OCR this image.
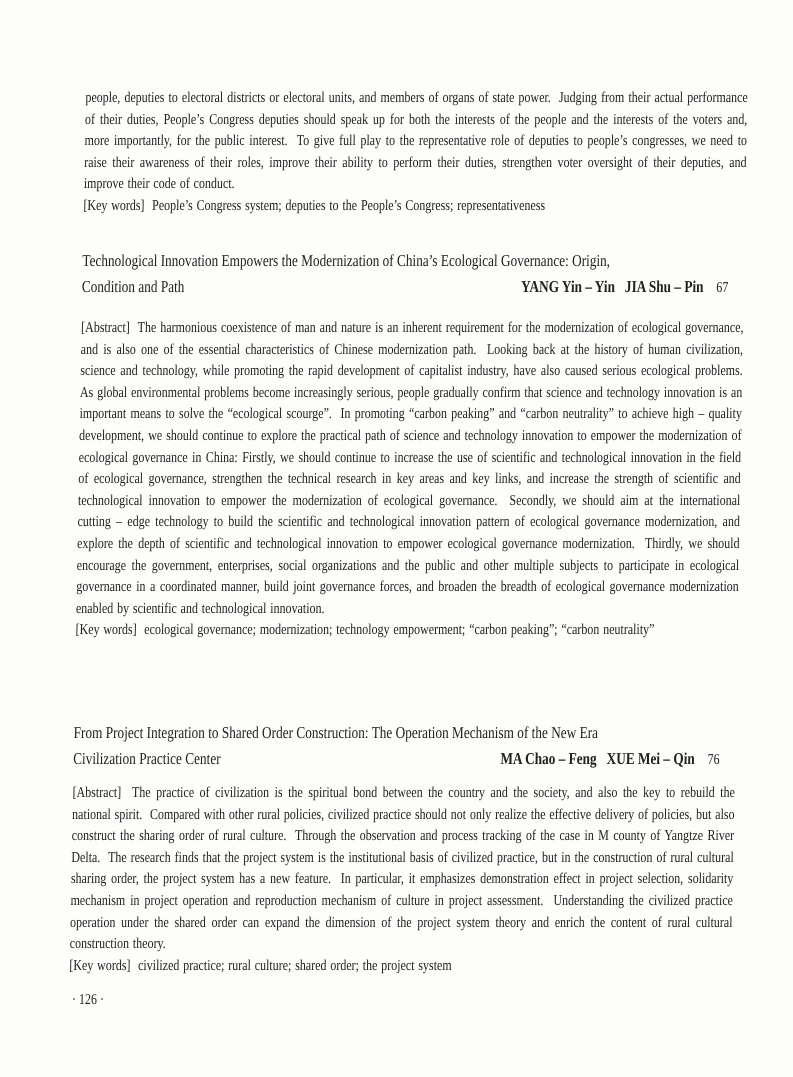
people, deputies to electoral districts or electoral units, and members of organs of state power.  Judging from their actual performance of their duties, People’s Congress deputies should speak up for both the interests of the people and the interests of the voters and, more importantly, for the public interest.  To give full play to the representative role of deputies to people’s congresses, we need to raise their awareness of their roles, improve their ability to perform their duties, strengthen voter oversight of their deputies, and improve their code of conduct.

[Key words]  People’s Congress system; deputies to the People’s Congress; representativeness

Technological Innovation Empowers the Modernization of China’s Ecological Governance: Origin,
Condition and Path	YANG Yin – Yin   JIA Shu – Pin 67

[Abstract]  The harmonious coexistence of man and nature is an inherent requirement for the modernization of ecological governance, and is also one of the essential characteristics of Chinese modernization path.  Looking back at the history of human civilization, science and technology, while promoting the rapid development of capitalist industry, have also caused serious ecological problems.  As global environmental problems become increasingly serious, people gradually confirm that science and technology innovation is an important means to solve the “ecological scourge”.  In promoting “carbon peaking” and “carbon neutrality” to achieve high – quality development, we should continue to explore the practical path of science and technology innovation to empower the modernization of ecological governance in China: Firstly, we should continue to increase the use of scientific and technological innovation in the field of ecological governance, strengthen the technical research in key areas and key links, and increase the strength of scientific and technological innovation to empower the modernization of ecological governance.  Secondly, we should aim at the international cutting – edge technology to build the scientific and technological innovation pattern of ecological governance modernization, and explore the depth of scientific and technological innovation to empower ecological governance modernization.  Thirdly, we should encourage the government, enterprises, social organizations and the public and other multiple subjects to participate in ecological governance in a coordinated manner, build joint governance forces, and broaden the breadth of ecological governance modernization enabled by scientific and technological innovation.

[Key words]  ecological governance; modernization; technology empowerment; “carbon peaking”; “carbon neutrality”

From Project Integration to Shared Order Construction: The Operation Mechanism of the New Era
Civilization Practice Center	MA Chao – Feng   XUE Mei – Qin 76

[Abstract]  The practice of civilization is the spiritual bond between the country and the society, and also the key to rebuild the national spirit.  Compared with other rural policies, civilized practice should not only realize the effective delivery of policies, but also construct the sharing order of rural culture.  Through the observation and process tracking of the case in M county of Yangtze River Delta.  The research finds that the project system is the institutional basis of civilized practice, but in the construction of rural cultural sharing order, the project system has a new feature.  In particular, it emphasizes demonstration effect in project selection, solidarity mechanism in project operation and reproduction mechanism of culture in project assessment.  Understanding the civilized practice operation under the shared order can expand the dimension of the project system theory and enrich the content of rural cultural construction theory.

[Key words]  civilized practice; rural culture; shared order; the project system

· 126 ·
